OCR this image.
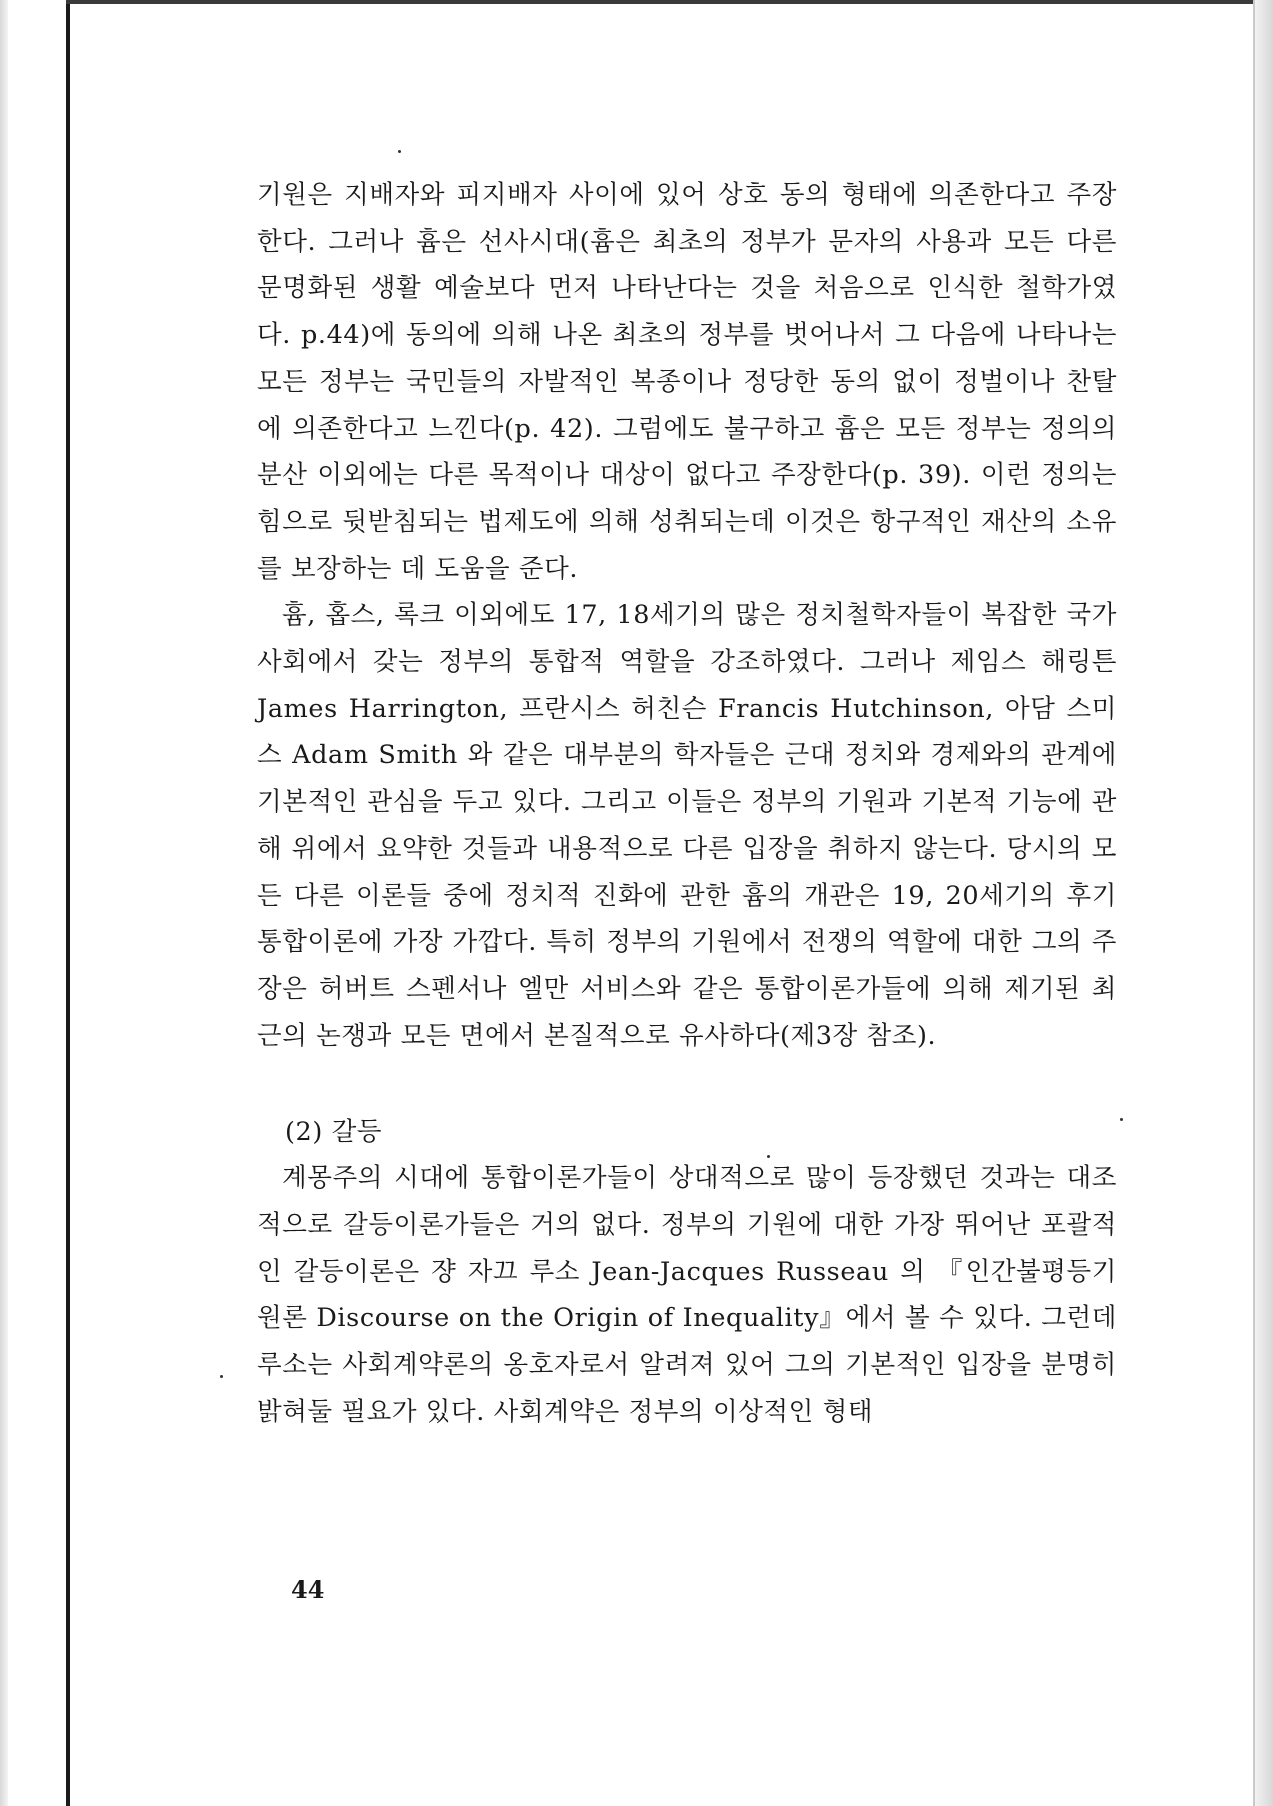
기원은 지배자와 피지배자 사이에 있어 상호 동의 형태에 의존한다고 주장한다. 그러나 흄은 선사시대(흄은 최초의 정부가 문자의 사용과 모든 다른 문명화된 생활 예술보다 먼저 나타난다는 것을 처음으로 인식한 철학가였다. p.44)에 동의에 의해 나온 최초의 정부를 벗어나서 그 다음에 나타나는 모든 정부는 국민들의 자발적인 복종이나 정당한 동의 없이 정벌이나 찬탈에 의존한다고 느낀다(p. 42). 그럼에도 불구하고 흄은 모든 정부는 정의의 분산 이외에는 다른 목적이나 대상이 없다고 주장한다(p. 39). 이런 정의는 힘으로 뒷받침되는 법제도에 의해 성취되는데 이것은 항구적인 재산의 소유를 보장하는 데 도움을 준다.

흄, 홉스, 록크 이외에도 17, 18세기의 많은 정치철학자들이 복잡한 국가 사회에서 갖는 정부의 통합적 역할을 강조하였다. 그러나 제임스 해링튼 James Harrington, 프란시스 허친슨 Francis Hutchinson, 아담 스미스 Adam Smith 와 같은 대부분의 학자들은 근대 정치와 경제와의 관계에 기본적인 관심을 두고 있다. 그리고 이들은 정부의 기원과 기본적 기능에 관해 위에서 요약한 것들과 내용적으로 다른 입장을 취하지 않는다. 당시의 모든 다른 이론들 중에 정치적 진화에 관한 흄의 개관은 19, 20세기의 후기 통합이론에 가장 가깝다. 특히 정부의 기원에서 전쟁의 역할에 대한 그의 주장은 허버트 스펜서나 엘만 서비스와 같은 통합이론가들에 의해 제기된 최근의 논쟁과 모든 면에서 본질적으로 유사하다(제3장 참조).

(2) 갈등

계몽주의 시대에 통합이론가들이 상대적으로 많이 등장했던 것과는 대조적으로 갈등이론가들은 거의 없다. 정부의 기원에 대한 가장 뛰어난 포괄적인 갈등이론은 쟝 자끄 루소 Jean-Jacques Russeau 의 『인간불평등기원론 Discourse on the Origin of Inequality』에서 볼 수 있다. 그런데 루소는 사회계약론의 옹호자로서 알려져 있어 그의 기본적인 입장을 분명히 밝혀둘 필요가 있다. 사회계약은 정부의 이상적인 형태

44
